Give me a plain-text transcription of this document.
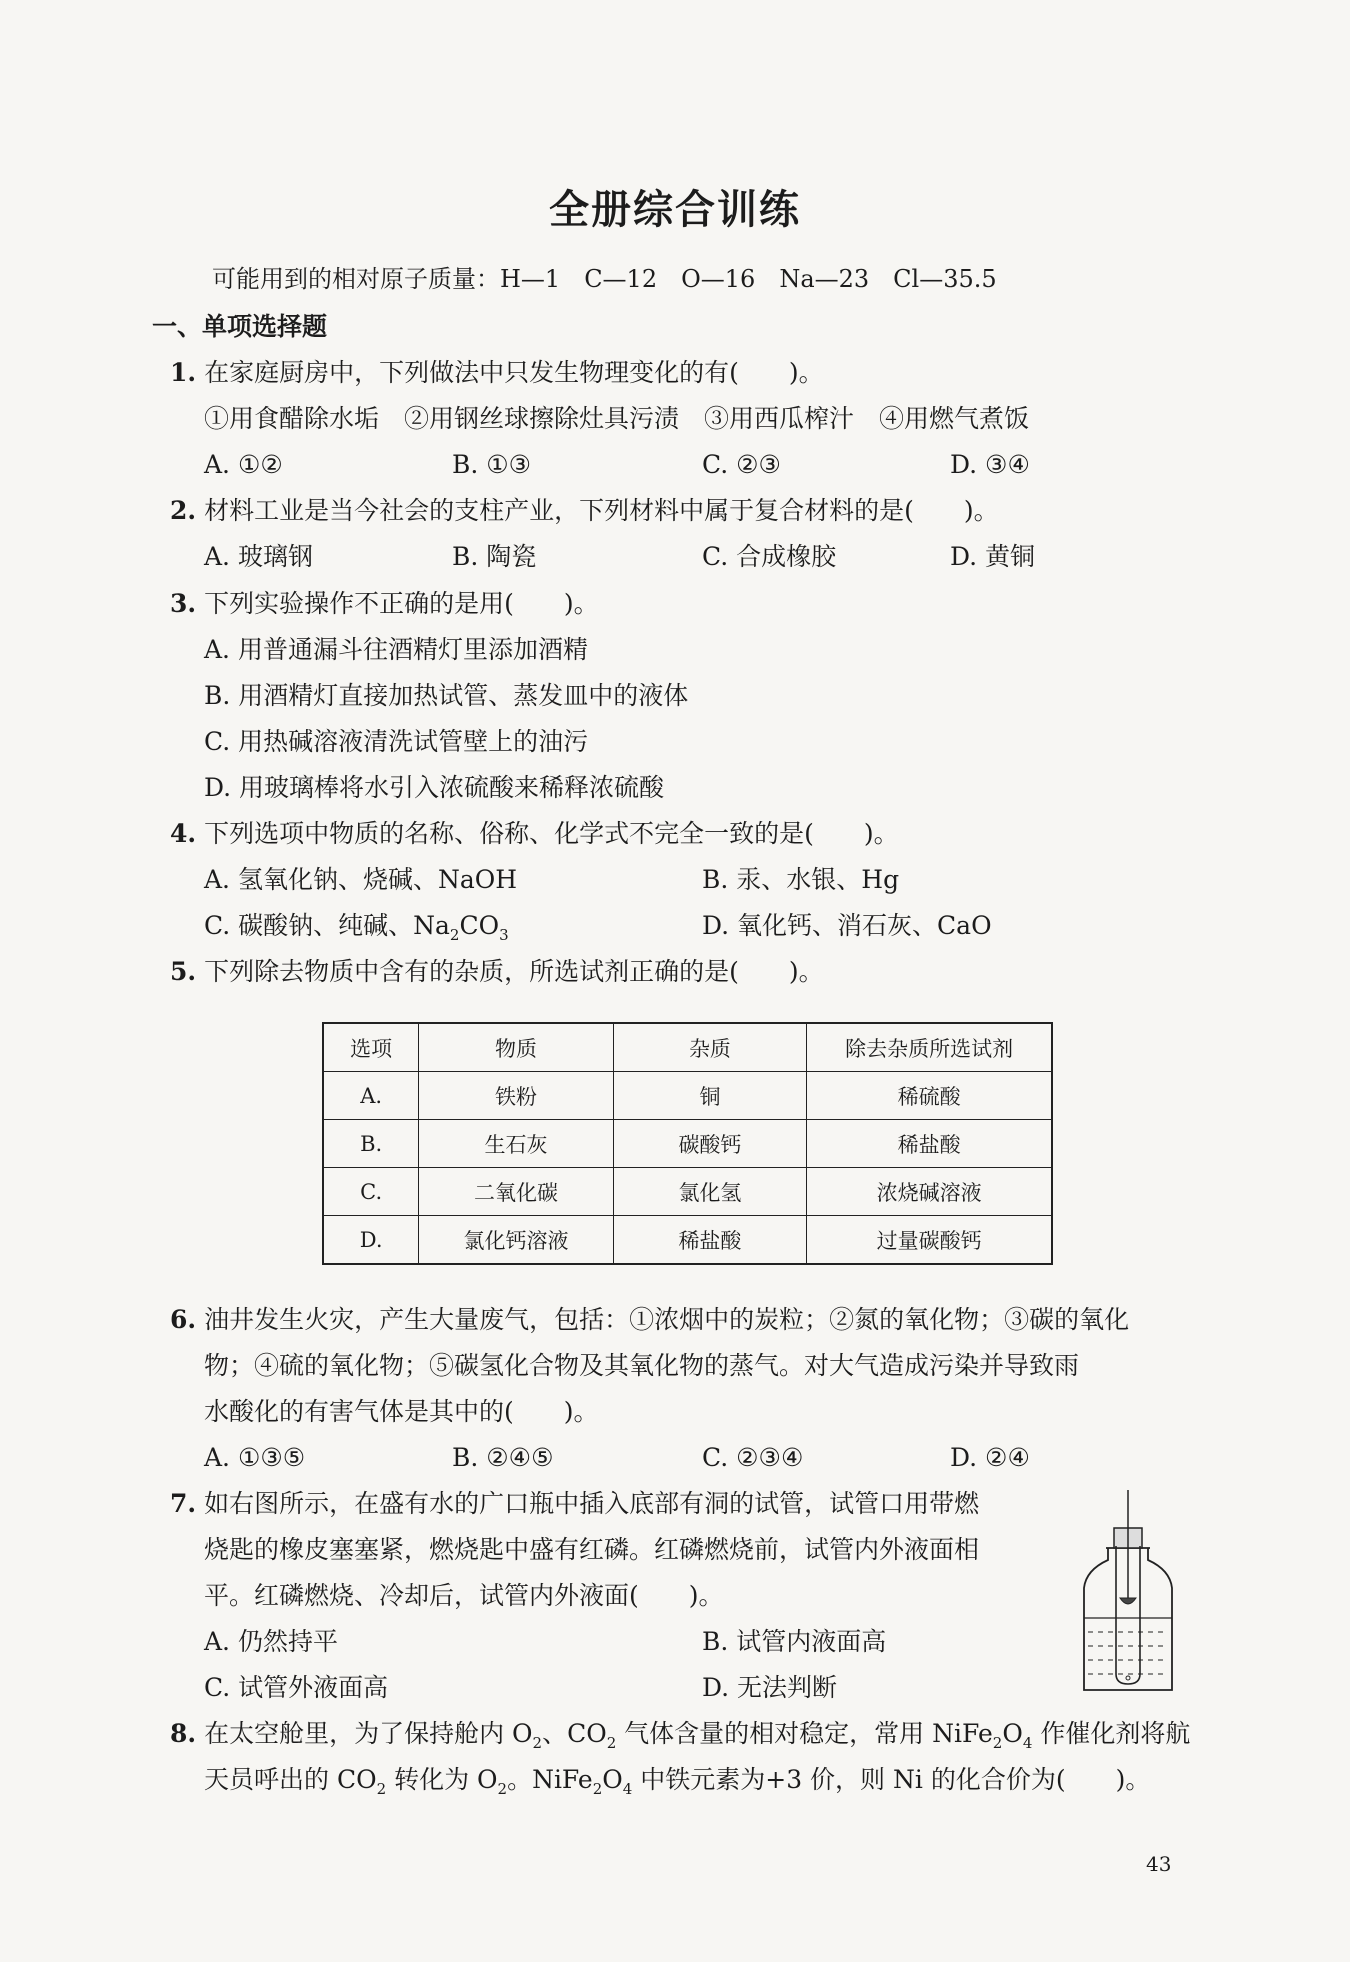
全册综合训练
可能用到的相对原子质量：H—1　C—12　O—16　Na—23　Cl—35.5
一、单项选择题
1. 在家庭厨房中，下列做法中只发生物理变化的有(　　)。
①用食醋除水垢　②用钢丝球擦除灶具污渍　③用西瓜榨汁　④用燃气煮饭
A. ①②	B. ①③	C. ②③	D. ③④
2. 材料工业是当今社会的支柱产业，下列材料中属于复合材料的是(　　)。
A. 玻璃钢	B. 陶瓷	C. 合成橡胶	D. 黄铜
3. 下列实验操作不正确的是用(　　)。
A. 用普通漏斗往酒精灯里添加酒精
B. 用酒精灯直接加热试管、蒸发皿中的液体
C. 用热碱溶液清洗试管壁上的油污
D. 用玻璃棒将水引入浓硫酸来稀释浓硫酸
4. 下列选项中物质的名称、俗称、化学式不完全一致的是(　　)。
A. 氢氧化钠、烧碱、NaOH	B. 汞、水银、Hg
C. 碳酸钠、纯碱、$Na_2CO_3$	D. 氧化钙、消石灰、CaO
5. 下列除去物质中含有的杂质，所选试剂正确的是(　　)。
选项	物质	杂质	除去杂质所选试剂
A.	铁粉	铜	稀硫酸
B.	生石灰	碳酸钙	稀盐酸
C.	二氧化碳	氯化氢	浓烧碱溶液
D.	氯化钙溶液	稀盐酸	过量碳酸钙
6. 油井发生火灾，产生大量废气，包括：①浓烟中的炭粒；②氮的氧化物；③碳的氧化
物；④硫的氧化物；⑤碳氢化合物及其氧化物的蒸气。对大气造成污染并导致雨
水酸化的有害气体是其中的(　　)。
A. ①③⑤	B. ②④⑤	C. ②③④	D. ②④
7. 如右图所示，在盛有水的广口瓶中插入底部有洞的试管，试管口用带燃
烧匙的橡皮塞塞紧，燃烧匙中盛有红磷。红磷燃烧前，试管内外液面相
平。红磷燃烧、冷却后，试管内外液面(　　)。
A. 仍然持平	B. 试管内液面高
C. 试管外液面高	D. 无法判断
8. 在太空舱里，为了保持舱内 $O_2$、$CO_2$ 气体含量的相对稳定，常用 $NiFe_2O_4$ 作催化剂将航
天员呼出的 $CO_2$ 转化为 $O_2$。$NiFe_2O_4$ 中铁元素为+3 价，则 Ni 的化合价为(　　)。
43
